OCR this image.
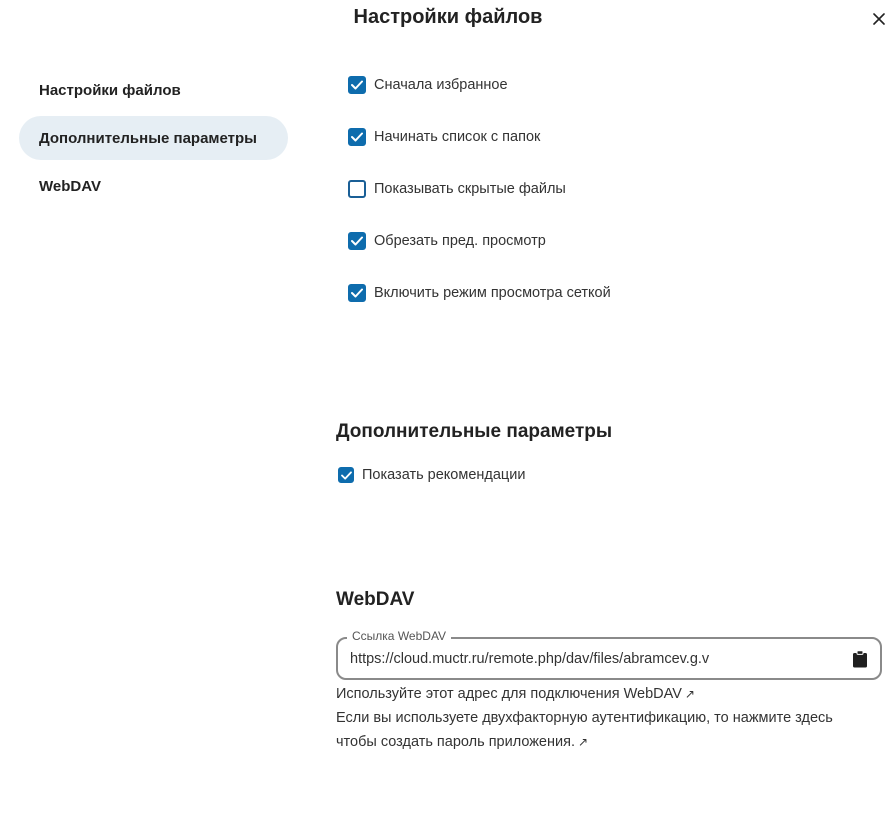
Настройки файлов
Настройки файлов
Дополнительные параметры
WebDAV
Сначала избранное
Начинать список с папок
Показывать скрытые файлы
Обрезать пред. просмотр
Включить режим просмотра сеткой
Дополнительные параметры
Показать рекомендации
WebDAV
Ссылка WebDAV
https://cloud.muctr.ru/remote.php/dav/files/abramcev.g.v
Используйте этот адрес для подключения WebDAV ↗
Если вы используете двухфакторную аутентификацию, то нажмите здесь
чтобы создать пароль приложения. ↗
